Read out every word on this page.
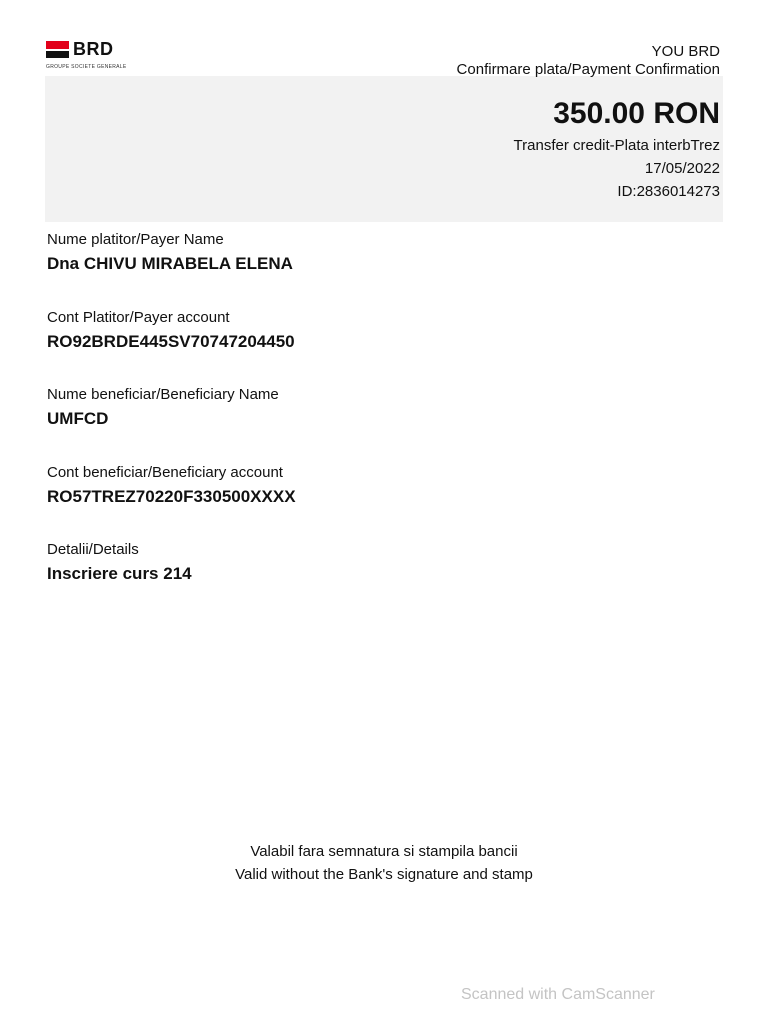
BRD
GROUPE SOCIETE GENERALE
YOU BRD
Confirmare plata/Payment Confirmation
350.00 RON
Transfer credit-Plata interbTrez
17/05/2022
ID:2836014273
Nume platitor/Payer Name
Dna CHIVU MIRABELA ELENA
Cont Platitor/Payer account
RO92BRDE445SV70747204450
Nume beneficiar/Beneficiary Name
UMFCD
Cont beneficiar/Beneficiary account
RO57TREZ70220F330500XXXX
Detalii/Details
Inscriere curs 214
Valabil fara semnatura si stampila bancii
Valid without the Bank's signature and stamp
Scanned with CamScanner
